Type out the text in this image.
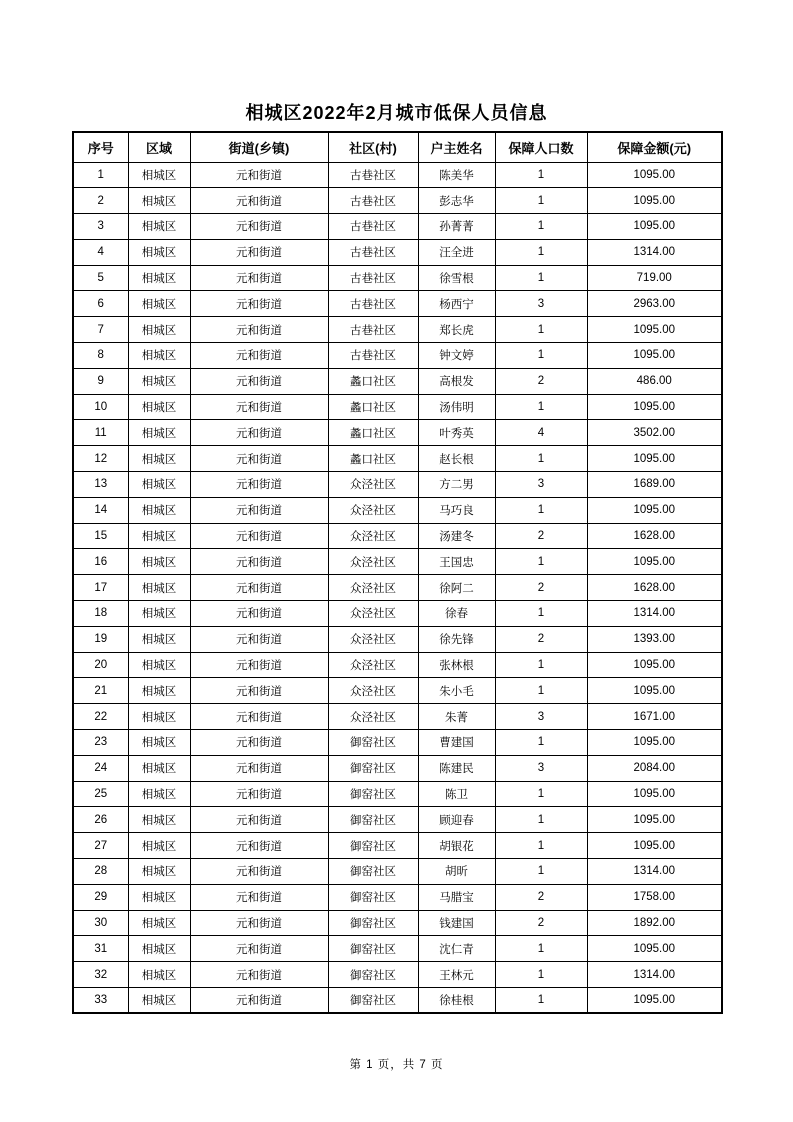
相城区2022年2月城市低保人员信息
序号	区域	街道(乡镇)	社区(村)	户主姓名	保障人口数	保障金额(元)
1	相城区	元和街道	古巷社区	陈美华	1	1095.00
2	相城区	元和街道	古巷社区	彭志华	1	1095.00
3	相城区	元和街道	古巷社区	孙菁菁	1	1095.00
4	相城区	元和街道	古巷社区	汪全进	1	1314.00
5	相城区	元和街道	古巷社区	徐雪根	1	719.00
6	相城区	元和街道	古巷社区	杨西宁	3	2963.00
7	相城区	元和街道	古巷社区	郑长虎	1	1095.00
8	相城区	元和街道	古巷社区	钟文婷	1	1095.00
9	相城区	元和街道	蠡口社区	高根发	2	486.00
10	相城区	元和街道	蠡口社区	汤伟明	1	1095.00
11	相城区	元和街道	蠡口社区	叶秀英	4	3502.00
12	相城区	元和街道	蠡口社区	赵长根	1	1095.00
13	相城区	元和街道	众泾社区	方二男	3	1689.00
14	相城区	元和街道	众泾社区	马巧良	1	1095.00
15	相城区	元和街道	众泾社区	汤建冬	2	1628.00
16	相城区	元和街道	众泾社区	王国忠	1	1095.00
17	相城区	元和街道	众泾社区	徐阿二	2	1628.00
18	相城区	元和街道	众泾社区	徐春	1	1314.00
19	相城区	元和街道	众泾社区	徐先锋	2	1393.00
20	相城区	元和街道	众泾社区	张林根	1	1095.00
21	相城区	元和街道	众泾社区	朱小毛	1	1095.00
22	相城区	元和街道	众泾社区	朱菁	3	1671.00
23	相城区	元和街道	御窑社区	曹建国	1	1095.00
24	相城区	元和街道	御窑社区	陈建民	3	2084.00
25	相城区	元和街道	御窑社区	陈卫	1	1095.00
26	相城区	元和街道	御窑社区	顾迎春	1	1095.00
27	相城区	元和街道	御窑社区	胡银花	1	1095.00
28	相城区	元和街道	御窑社区	胡昕	1	1314.00
29	相城区	元和街道	御窑社区	马腊宝	2	1758.00
30	相城区	元和街道	御窑社区	钱建国	2	1892.00
31	相城区	元和街道	御窑社区	沈仁青	1	1095.00
32	相城区	元和街道	御窑社区	王林元	1	1314.00
33	相城区	元和街道	御窑社区	徐桂根	1	1095.00
第 1 页，共 7 页
